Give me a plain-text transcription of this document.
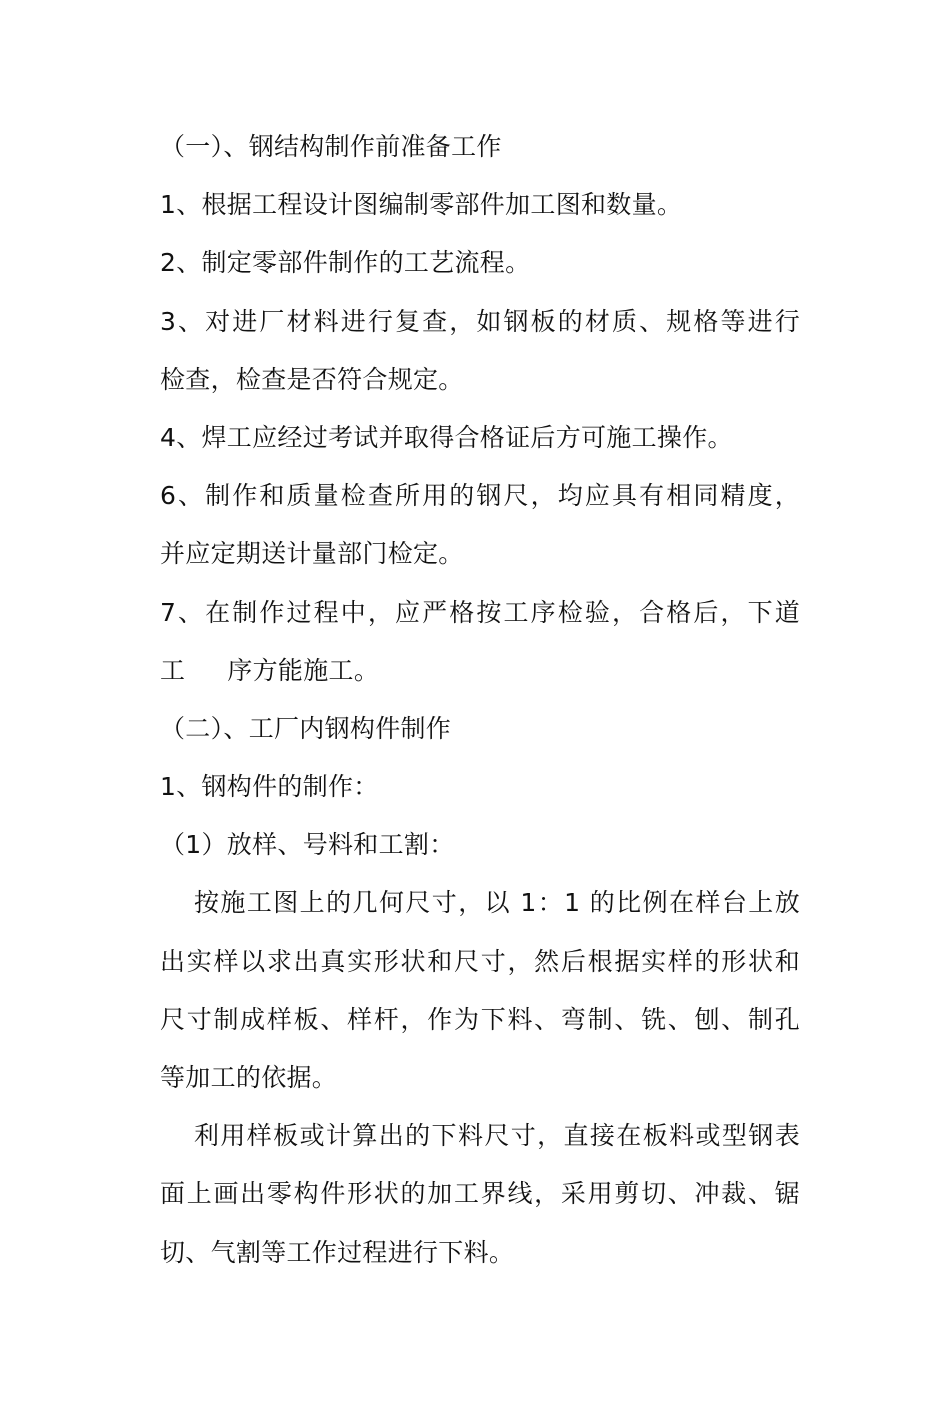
（一）、钢结构制作前准备工作

1、根据工程设计图编制零部件加工图和数量。

2、制定零部件制作的工艺流程。

3、对进厂材料进行复查，如钢板的材质、规格等进行

检查，检查是否符合规定。

4、焊工应经过考试并取得合格证后方可施工操作。

6、制作和质量检查所用的钢尺，均应具有相同精度，

并应定期送计量部门检定。

7、在制作过程中，应严格按工序检验，合格后，下道

工 序方能施工。

（二）、工厂内钢构件制作

1、钢构件的制作：

（1）放样、号料和工割：

按施工图上的几何尺寸，以 1：1 的比例在样台上放

出实样以求出真实形状和尺寸，然后根据实样的形状和

尺寸制成样板、样杆，作为下料、弯制、铣、刨、制孔

等加工的依据。

利用样板或计算出的下料尺寸，直接在板料或型钢表

面上画出零构件形状的加工界线，采用剪切、冲裁、锯

切、气割等工作过程进行下料。
